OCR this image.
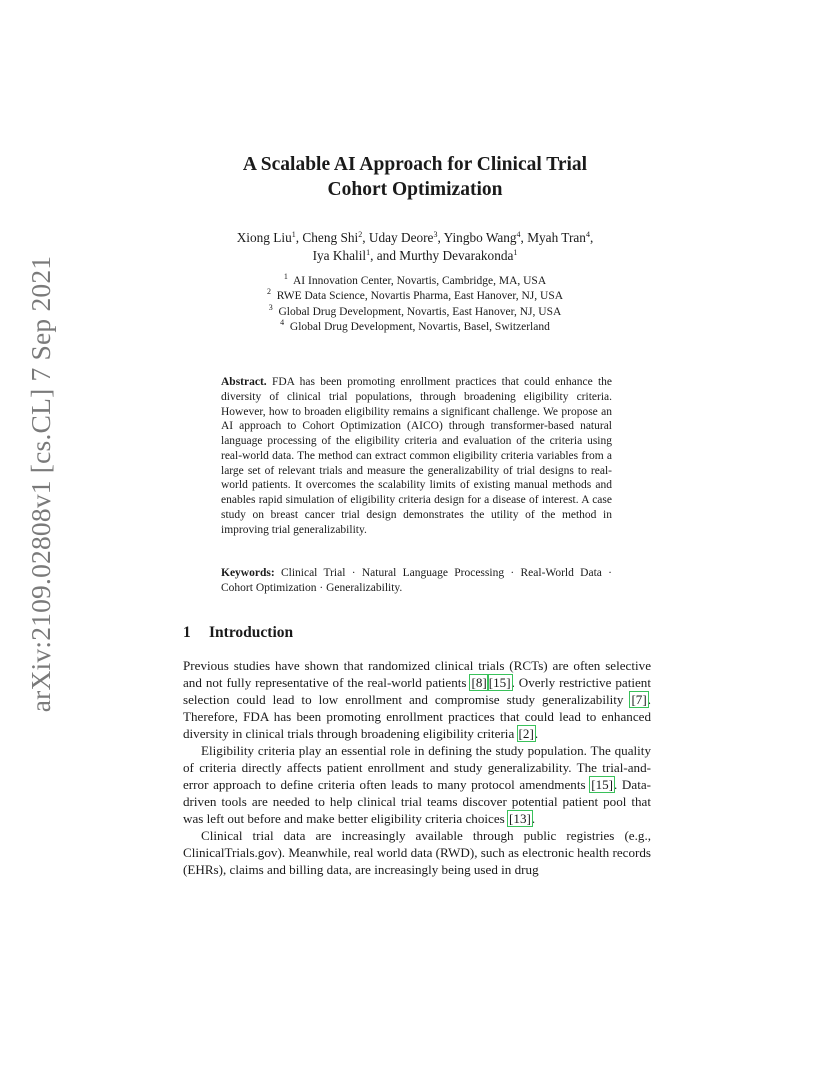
arXiv:2109.02808v1 [cs.CL] 7 Sep 2021
A Scalable AI Approach for Clinical Trial
Cohort Optimization
Xiong Liu$^1$, Cheng Shi$^2$, Uday Deore$^3$, Yingbo Wang$^4$, Myah Tran$^4$,
Iya Khalil$^1$, and Murthy Devarakonda$^1$
$^1$ AI Innovation Center, Novartis, Cambridge, MA, USA
$^2$ RWE Data Science, Novartis Pharma, East Hanover, NJ, USA
$^3$ Global Drug Development, Novartis, East Hanover, NJ, USA
$^4$ Global Drug Development, Novartis, Basel, Switzerland
Abstract. FDA has been promoting enrollment practices that could enhance the diversity of clinical trial populations, through broadening eligibility criteria. However, how to broaden eligibility remains a significant challenge. We propose an AI approach to Cohort Optimization (AICO) through transformer-based natural language processing of the eligibility criteria and evaluation of the criteria using real-world data. The method can extract common eligibility criteria variables from a large set of relevant trials and measure the generalizability of trial designs to real-world patients. It overcomes the scalability limits of existing manual methods and enables rapid simulation of eligibility criteria design for a disease of interest. A case study on breast cancer trial design demonstrates the utility of the method in improving trial generalizability.
Keywords: Clinical Trial · Natural Language Processing · Real-World Data · Cohort Optimization · Generalizability.
1 Introduction

Previous studies have shown that randomized clinical trials (RCTs) are often selective and not fully representative of the real-world patients [8] [15]. Overly restrictive patient selection could lead to low enrollment and compromise study generalizability [7]. Therefore, FDA has been promoting enrollment practices that could lead to enhanced diversity in clinical trials through broadening eligibility criteria [2].

Eligibility criteria play an essential role in defining the study population. The quality of criteria directly affects patient enrollment and study generalizability. The trial-and-error approach to define criteria often leads to many protocol amendments [15]. Data-driven tools are needed to help clinical trial teams discover potential patient pool that was left out before and make better eligibility criteria choices [13].

Clinical trial data are increasingly available through public registries (e.g., ClinicalTrials.gov). Meanwhile, real world data (RWD), such as electronic health records (EHRs), claims and billing data, are increasingly being used in drug
